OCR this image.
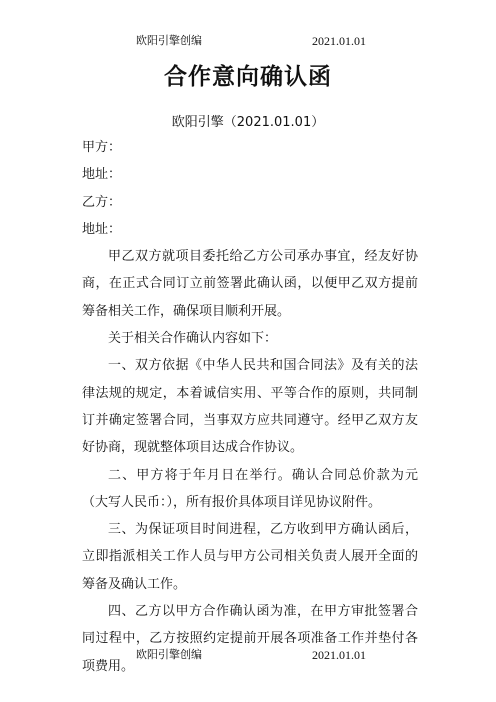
欧阳引擎创编	2021.01.01
合作意向确认函
欧阳引擎（2021.01.01）

甲方：

地址：

乙方：

地址：

甲乙双方就项目委托给乙方公司承办事宜，经友好协商，在正式合同订立前签署此确认函，以便甲乙双方提前筹备相关工作，确保项目顺利开展。

关于相关合作确认内容如下：

一、双方依据《中华人民共和国合同法》及有关的法律法规的规定，本着诚信实用、平等合作的原则，共同制订并确定签署合同，当事双方应共同遵守。经甲乙双方友好协商，现就整体项目达成合作协议。

二、甲方将于年月日在举行。确认合同总价款为元（大写人民币：），所有报价具体项目详见协议附件。

三、为保证项目时间进程，乙方收到甲方确认函后，立即指派相关工作人员与甲方公司相关负责人展开全面的筹备及确认工作。

四、乙方以甲方合作确认函为准，在甲方审批签署合同过程中，乙方按照约定提前开展各项准备工作并垫付各项费用。

欧阳引擎创编	2021.01.01
